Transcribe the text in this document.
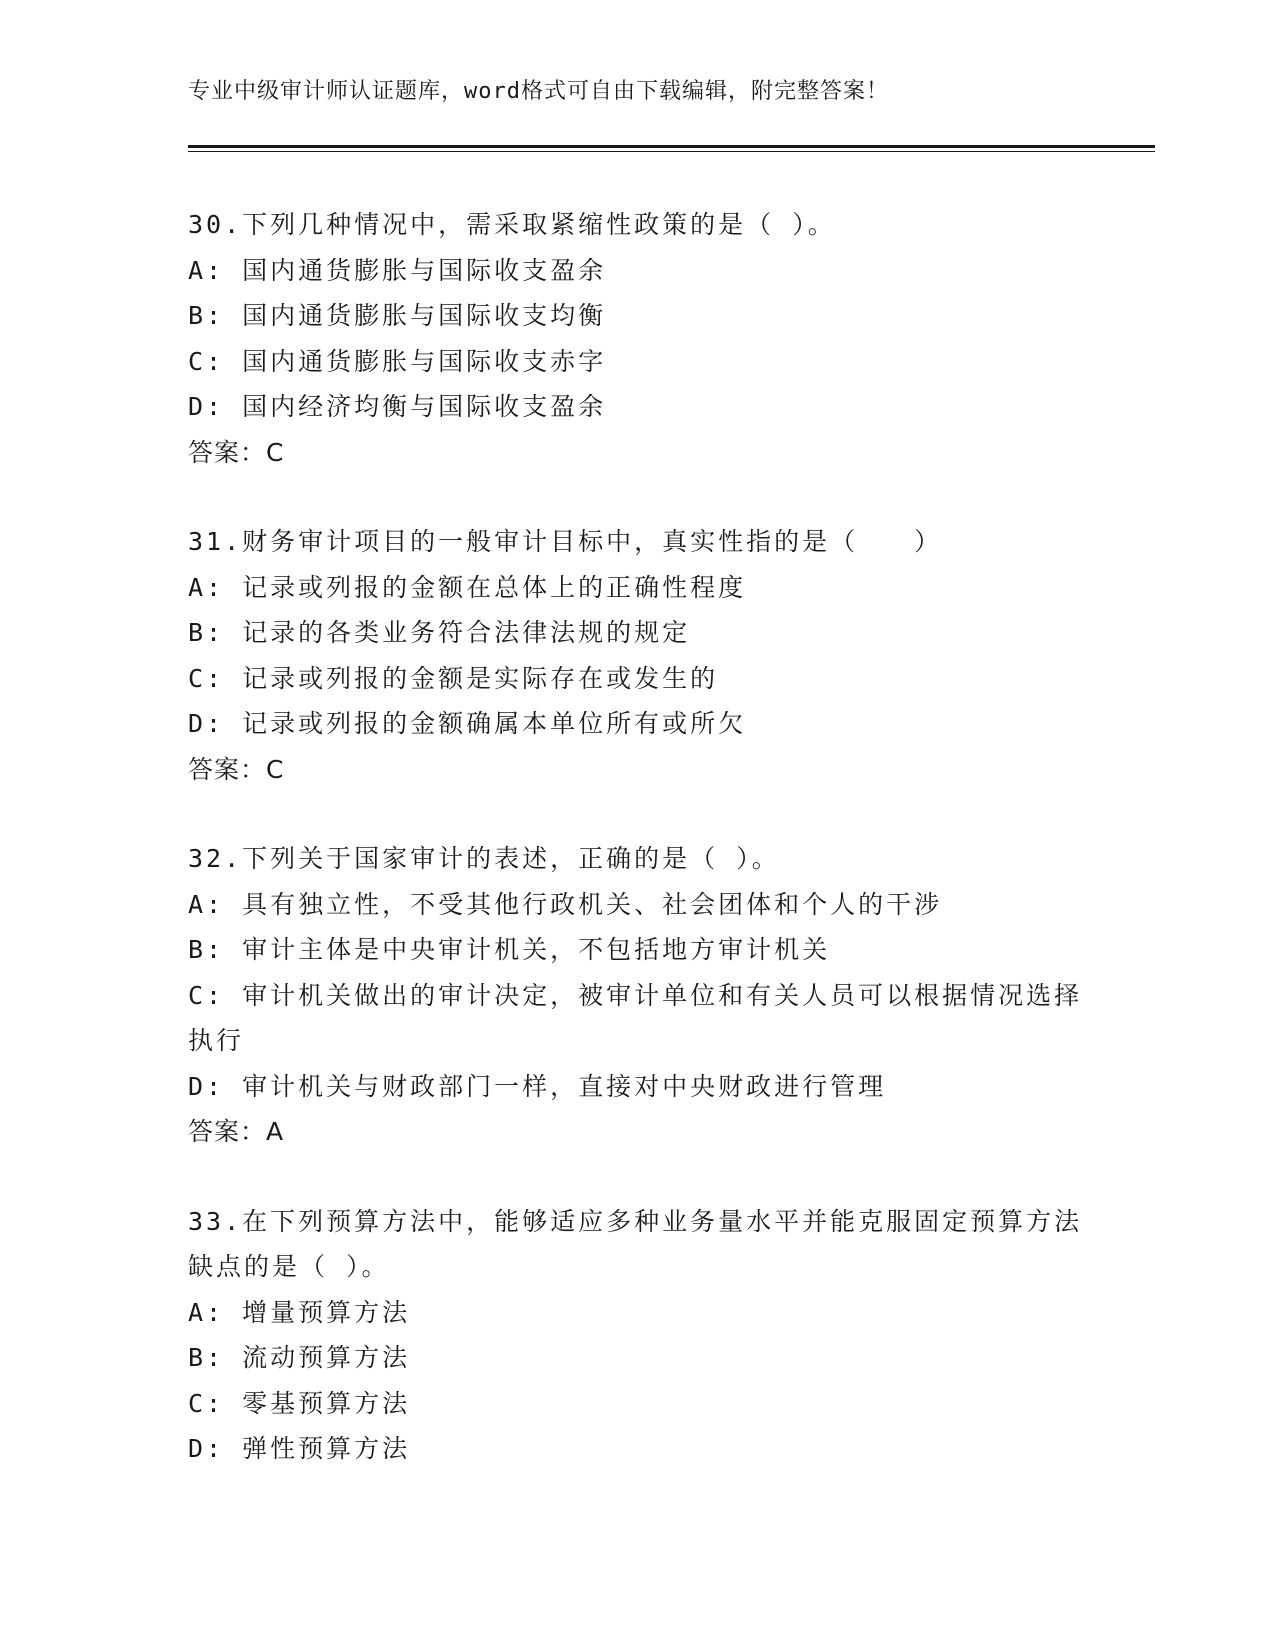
专业中级审计师认证题库，word格式可自由下载编辑，附完整答案！
30.下列几种情况中，需采取紧缩性政策的是（ ）。
A: 国内通货膨胀与国际收支盈余
B: 国内通货膨胀与国际收支均衡
C: 国内通货膨胀与国际收支赤字
D: 国内经济均衡与国际收支盈余
答案：C
31.财务审计项目的一般审计目标中，真实性指的是（　　）
A: 记录或列报的金额在总体上的正确性程度
B: 记录的各类业务符合法律法规的规定
C: 记录或列报的金额是实际存在或发生的
D: 记录或列报的金额确属本单位所有或所欠
答案：C
32.下列关于国家审计的表述，正确的是（ ）。
A: 具有独立性，不受其他行政机关、社会团体和个人的干涉
B: 审计主体是中央审计机关，不包括地方审计机关
C: 审计机关做出的审计决定，被审计单位和有关人员可以根据情况选择执行
D: 审计机关与财政部门一样，直接对中央财政进行管理
答案：A
33.在下列预算方法中，能够适应多种业务量水平并能克服固定预算方法缺点的是（ ）。
A: 增量预算方法
B: 流动预算方法
C: 零基预算方法
D: 弹性预算方法
